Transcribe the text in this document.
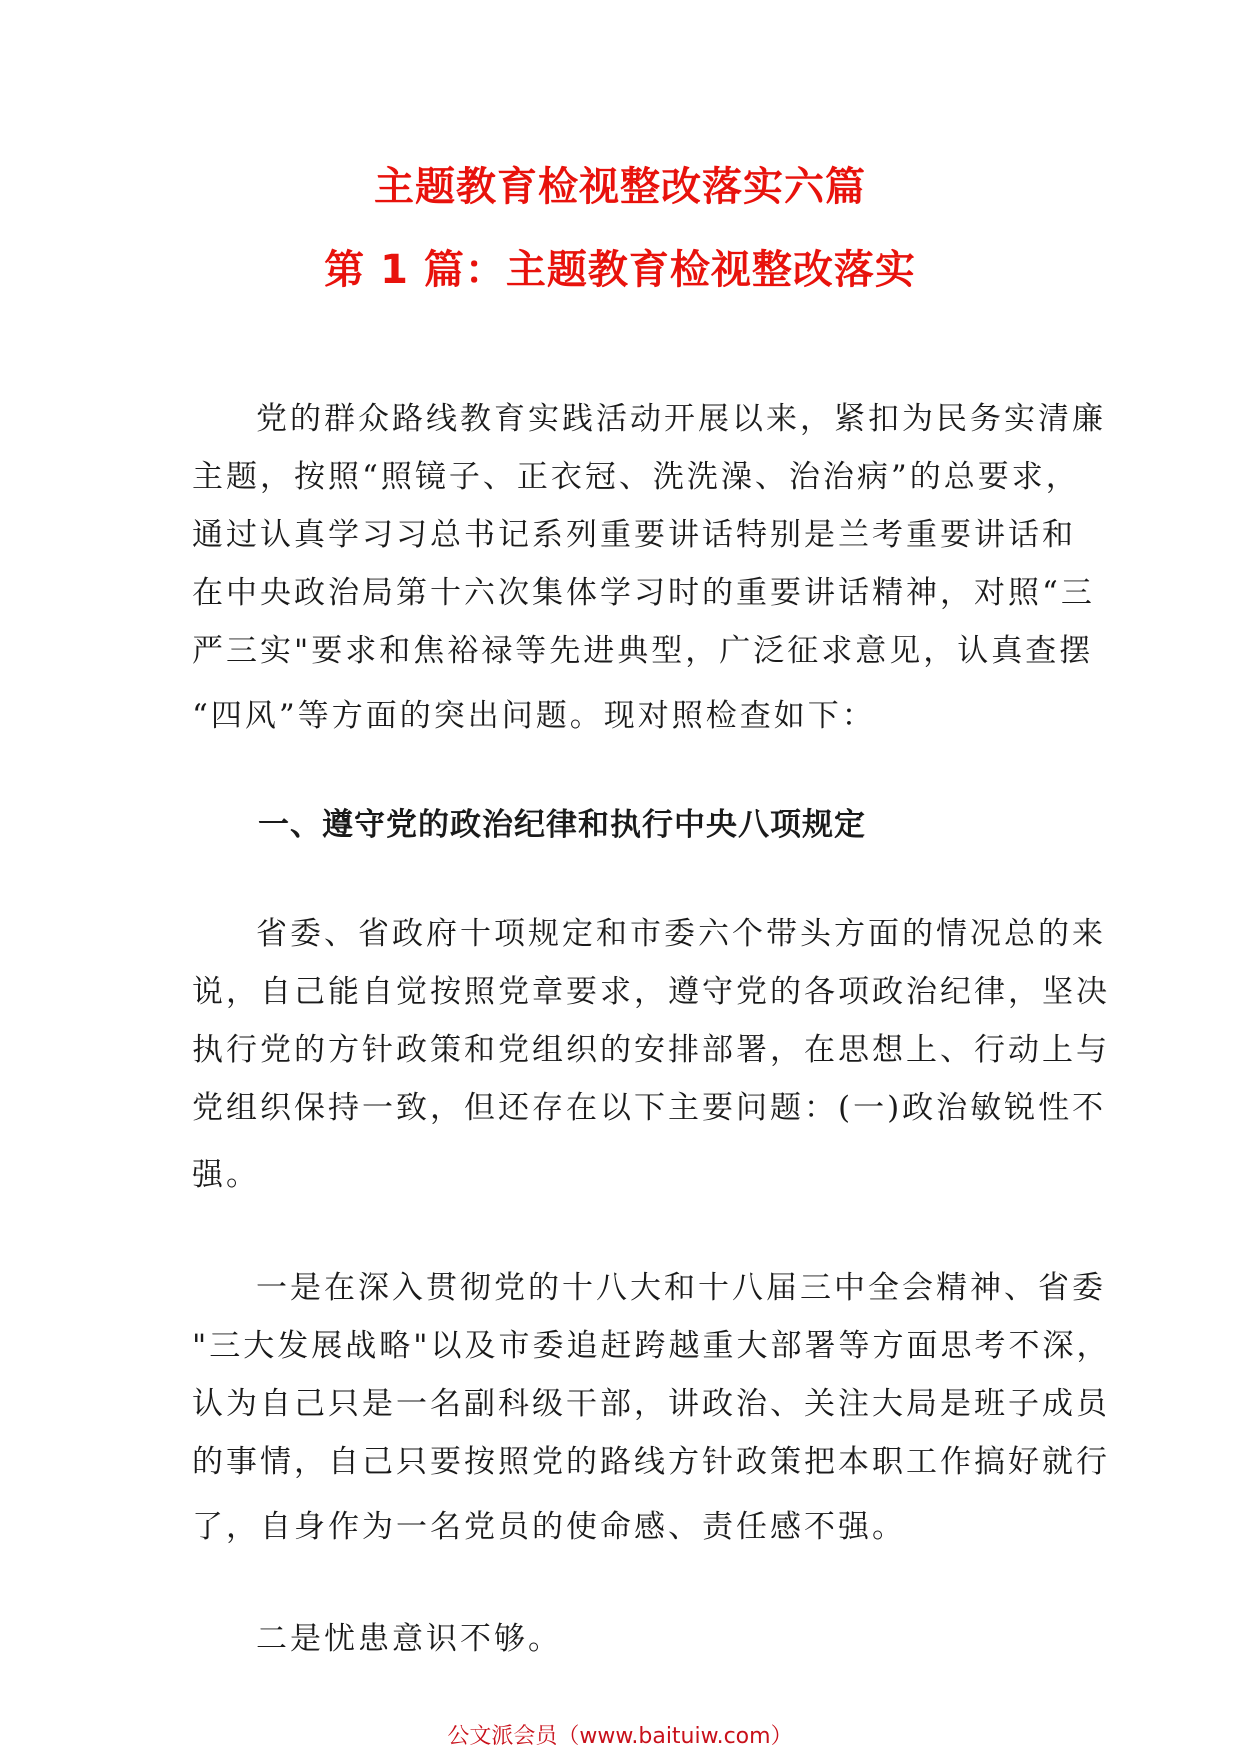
主题教育检视整改落实六篇
第 1 篇：主题教育检视整改落实
党的群众路线教育实践活动开展以来，紧扣为民务实清廉
主题，按照“照镜子、正衣冠、洗洗澡、治治病”的总要求，
通过认真学习习总书记系列重要讲话特别是兰考重要讲话和
在中央政治局第十六次集体学习时的重要讲话精神，对照“三
严三实"要求和焦裕禄等先进典型，广泛征求意见，认真查摆
“四风”等方面的突出问题。现对照检查如下：
一、遵守党的政治纪律和执行中央八项规定
省委、省政府十项规定和市委六个带头方面的情况总的来
说，自己能自觉按照党章要求，遵守党的各项政治纪律，坚决
执行党的方针政策和党组织的安排部署，在思想上、行动上与
党组织保持一致，但还存在以下主要问题：(一)政治敏锐性不
强。
一是在深入贯彻党的十八大和十八届三中全会精神、省委
"三大发展战略"以及市委追赶跨越重大部署等方面思考不深，
认为自己只是一名副科级干部，讲政治、关注大局是班子成员
的事情，自己只要按照党的路线方针政策把本职工作搞好就行
了，自身作为一名党员的使命感、责任感不强。
二是忧患意识不够。
公文派会员（www.baituiw.com）
